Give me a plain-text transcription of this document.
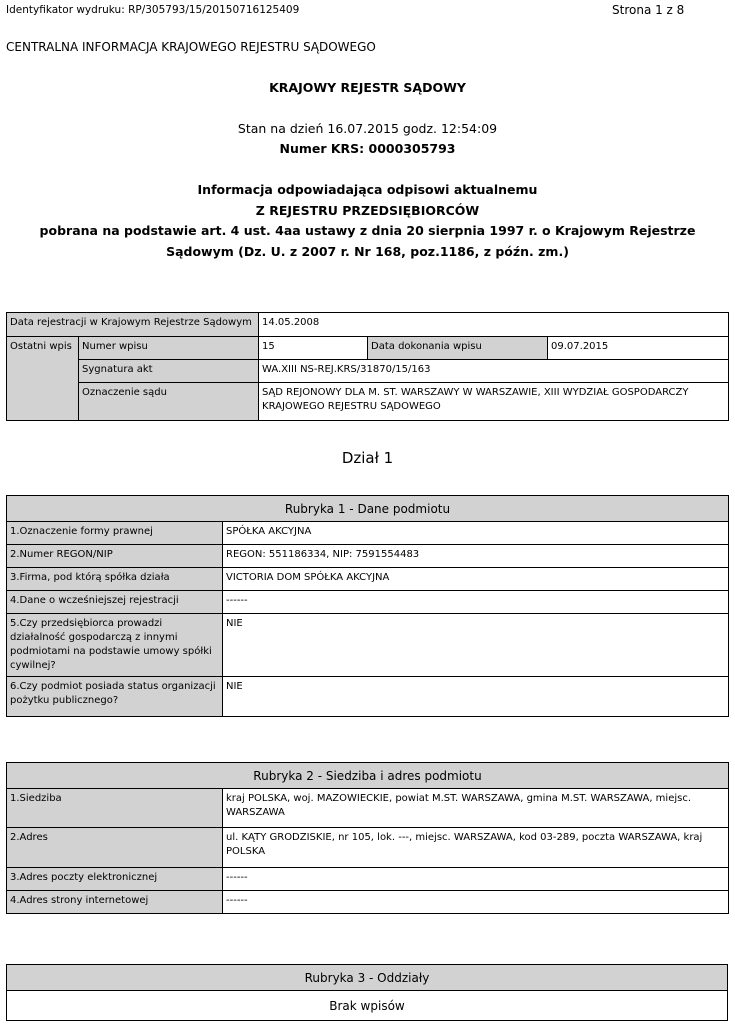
Identyfikator wydruku: RP/305793/15/20150716125409	Strona 1 z 8
CENTRALNA INFORMACJA KRAJOWEGO REJESTRU SĄDOWEGO
KRAJOWY REJESTR SĄDOWY
Stan na dzień 16.07.2015 godz. 12:54:09
Numer KRS: 0000305793
Informacja odpowiadająca odpisowi aktualnemu
Z REJESTRU PRZEDSIĘBIORCÓW
pobrana na podstawie art. 4 ust. 4aa ustawy z dnia 20 sierpnia 1997 r. o Krajowym Rejestrze
Sądowym (Dz. U. z 2007 r. Nr 168, poz.1186, z późn. zm.)
Data rejestracji w Krajowym Rejestrze Sądowym		14.05.2008		
Ostatni wpis	Numer wpisu	15	Data dokonania wpisu	09.07.2015
	Sygnatura akt	WA.XIII NS-REJ.KRS/31870/15/163		
	Oznaczenie sądu	SĄD REJONOWY DLA M. ST. WARSZAWY W WARSZAWIE, XIII WYDZIAŁ GOSPODARCZY KRAJOWEGO REJESTRU SĄDOWEGO		
Dział 1
Rubryka 1 - Dane podmiotu	
1.Oznaczenie formy prawnej	SPÓŁKA AKCYJNA
2.Numer REGON/NIP	REGON: 551186334, NIP: 7591554483
3.Firma, pod którą spółka działa	VICTORIA DOM SPÓŁKA AKCYJNA
4.Dane o wcześniejszej rejestracji	------
5.Czy przedsiębiorca prowadzi działalność gospodarczą z innymi podmiotami na podstawie umowy spółki cywilnej?	NIE
6.Czy podmiot posiada status organizacji pożytku publicznego?	NIE
Rubryka 2 - Siedziba i adres podmiotu	
1.Siedziba	kraj POLSKA, woj. MAZOWIECKIE, powiat M.ST. WARSZAWA, gmina M.ST. WARSZAWA, miejsc. WARSZAWA
2.Adres	ul. KĄTY GRODZISKIE, nr 105, lok. ---, miejsc. WARSZAWA, kod 03-289, poczta WARSZAWA, kraj POLSKA
3.Adres poczty elektronicznej	------
4.Adres strony internetowej	------
Rubryka 3 - Oddziały
Brak wpisów
